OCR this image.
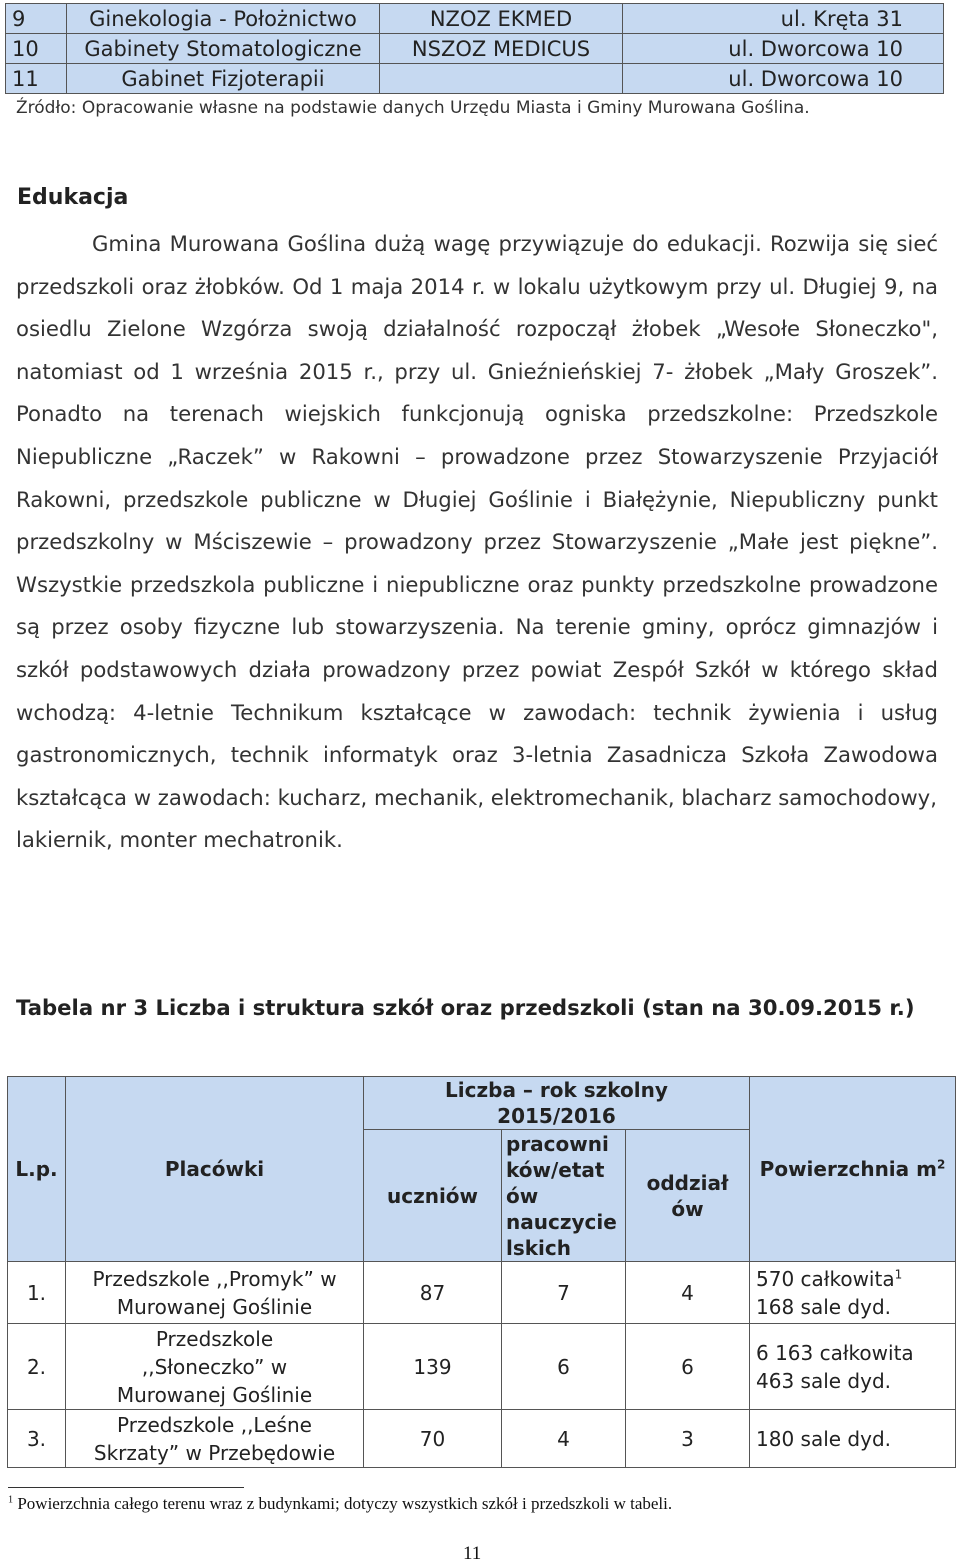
9	Ginekologia - Położnictwo	NZOZ EKMED	ul. Kręta 31
10	Gabinety Stomatologiczne	NSZOZ MEDICUS	ul. Dworcowa 10
11	Gabinet Fizjoterapii		ul. Dworcowa 10
Źródło: Opracowanie własne na podstawie danych Urzędu Miasta i Gminy Murowana Goślina.
Edukacja
Gmina Murowana Goślina dużą wagę przywiązuje do edukacji. Rozwija się sieć przedszkoli oraz żłobków. Od 1 maja 2014 r. w lokalu użytkowym przy ul. Długiej 9, na osiedlu Zielone Wzgórza swoją działalność rozpoczął żłobek „Wesołe Słoneczko", natomiast od 1 września 2015 r., przy ul. Gnieźnieńskiej 7- żłobek „Mały Groszek”. Ponadto na terenach wiejskich funkcjonują ogniska przedszkolne: Przedszkole Niepubliczne „Raczek” w Rakowni – prowadzone przez Stowarzyszenie Przyjaciół Rakowni, przedszkole publiczne w Długiej Goślinie i Białężynie, Niepubliczny punkt przedszkolny w Mściszewie – prowadzony przez Stowarzyszenie „Małe jest piękne”. Wszystkie przedszkola publiczne i niepubliczne oraz punkty przedszkolne prowadzone są przez osoby fizyczne lub stowarzyszenia. Na terenie gminy, oprócz gimnazjów i szkół podstawowych działa prowadzony przez powiat Zespół Szkół w którego skład wchodzą: 4-letnie Technikum kształcące w zawodach: technik żywienia i usług gastronomicznych, technik informatyk oraz 3-letnia Zasadnicza Szkoła Zawodowa kształcąca w zawodach: kucharz, mechanik, elektromechanik, blacharz samochodowy,
lakiernik, monter mechatronik.
Tabela nr 3 Liczba i struktura szkół oraz przedszkoli (stan na 30.09.2015 r.)
L.p.	Placówki	Liczba – rok szkolny 2015/2016			Powierzchnia $m^2$
		uczniów	pracowni ków/etat ów nauczycie lskich	oddział ów	
1.	Przedszkole ,,Promyk” w Murowanej Goślinie	87	7	4	570 całkowita$^1$
168 sale dyd.
2.	Przedszkole ,,Słoneczko” w Murowanej Goślinie	139	6	6	6 163 całkowita
463 sale dyd.
3.	Przedszkole ,,Leśne Skrzaty” w Przebędowie	70	4	3	180 sale dyd.
$^1$ Powierzchnia całego terenu wraz z budynkami; dotyczy wszystkich szkół i przedszkoli w tabeli.
11
